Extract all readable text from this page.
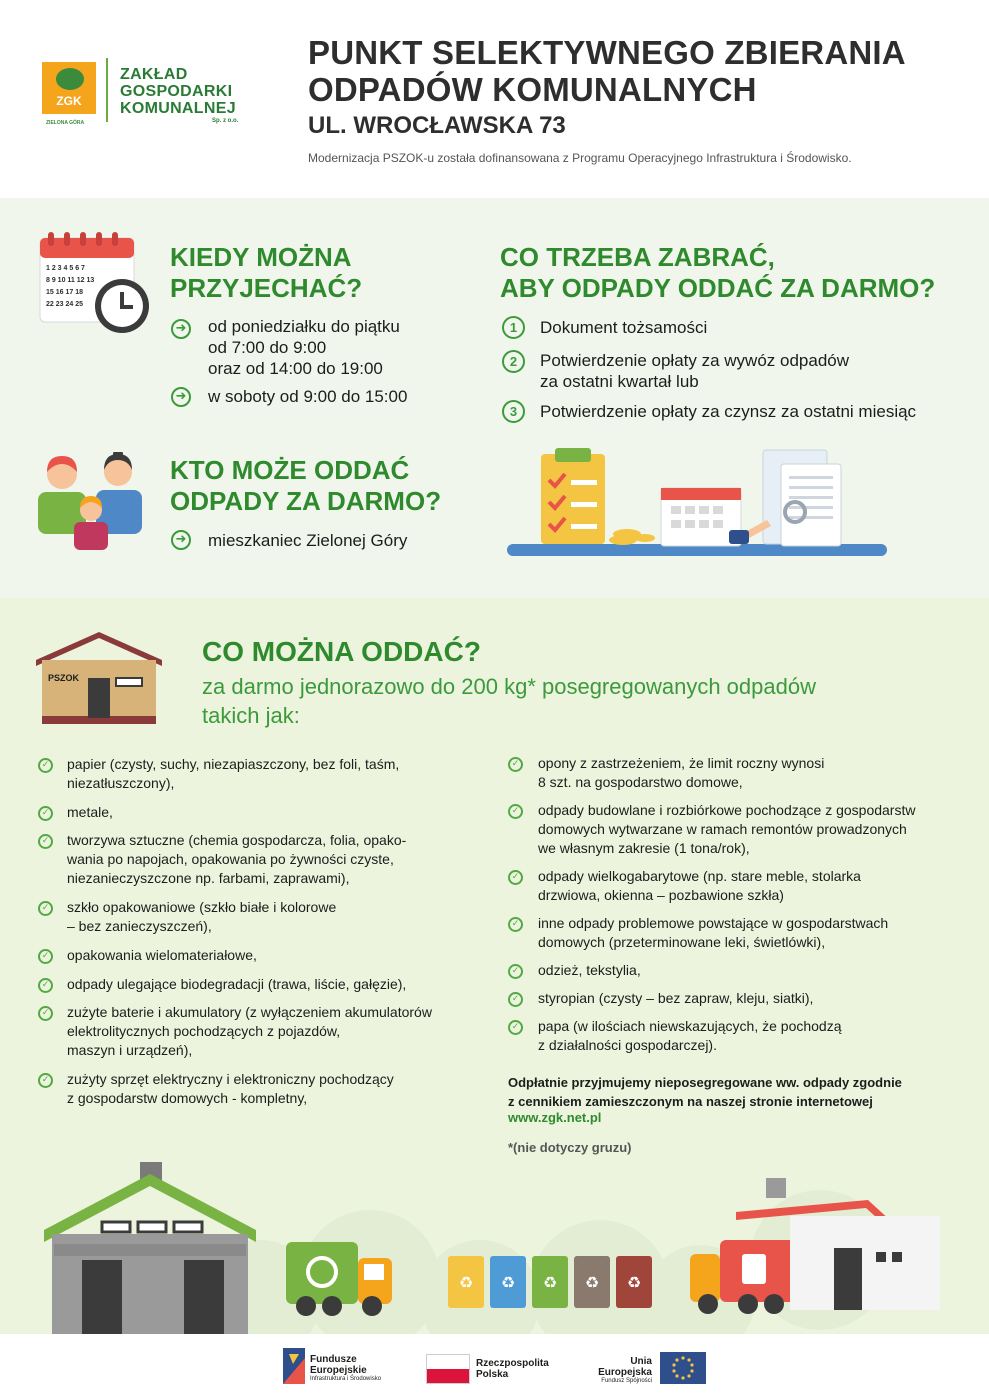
ZGK
ZIELONA GÓRA
ZAKŁAD
GOSPODARKI
KOMUNALNEJ
Sp. z o.o.
PUNKT SELEKTYWNEGO ZBIERANIA
ODPADÓW KOMUNALNYCH
UL. WROCŁAWSKA 73
Modernizacja PSZOK-u została dofinansowana z Programu Operacyjnego Infrastruktura i Środowisko.
1 2 3 4 5 6 7
8 9 10 11 12 13
15 16 17 18
22 23 24 25
KIEDY MOŻNA
PRZYJECHAĆ?
➜ od poniedziałku do piątku
od 7:00 do 9:00
oraz od 14:00 do 19:00
➜ w soboty od 9:00 do 15:00
CO TRZEBA ZABRAĆ,
ABY ODPADY ODDAĆ ZA DARMO?
1	Dokument tożsamości
2	Potwierdzenie opłaty za wywóz odpadów
za ostatni kwartał lub
3	Potwierdzenie opłaty za czynsz za ostatni miesiąc
KTO MOŻE ODDAĆ
ODPADY ZA DARMO?
➜ mieszkaniec Zielonej Góry
PSZOK
CO MOŻNA ODDAĆ?
za darmo jednorazowo do 200 kg* posegregowanych odpadów
takich jak:
✓ papier (czysty, suchy, niezapiaszczony, bez foli, taśm,
niezatłuszczony),
✓ metale,
✓ tworzywa sztuczne (chemia gospodarcza, folia, opako-
wania po napojach, opakowania po żywności czyste,
niezanieczyszczone np. farbami, zaprawami),
✓ szkło opakowaniowe (szkło białe i kolorowe
– bez zanieczyszczeń),
✓ opakowania wielomateriałowe,
✓ odpady ulegające biodegradacji (trawa, liście, gałęzie),
✓ zużyte baterie i akumulatory (z wyłączeniem akumulatorów
elektrolitycznych pochodzących z pojazdów,
maszyn i urządzeń),
✓ zużyty sprzęt elektryczny i elektroniczny pochodzący
z gospodarstw domowych - kompletny,
✓ opony z zastrzeżeniem, że limit roczny wynosi
8 szt. na gospodarstwo domowe,
✓ odpady budowlane i rozbiórkowe pochodzące z gospodarstw
domowych wytwarzane w ramach remontów prowadzonych
we własnym zakresie (1 tona/rok),
✓ odpady wielkogabarytowe (np. stare meble, stolarka
drzwiowa, okienna – pozbawione szkła)
✓ inne odpady problemowe powstające w gospodarstwach
domowych (przeterminowane leki, świetlówki),
✓ odzież, tekstylia,
✓ styropian (czysty – bez zapraw, kleju, siatki),
✓ papa (w ilościach niewskazujących, że pochodzą
z działalności gospodarczej).
Odpłatnie przyjmujemy nieposegregowane ww. odpady zgodnie
z cennikiem zamieszczonym na naszej stronie internetowej
www.zgk.net.pl
*(nie dotyczy gruzu)
♻ ♻ ♻ ♻ ♻
Fundusze
Europejskie
Infrastruktura i Środowisko
Rzeczpospolita
Polska
Unia Europejska
Fundusz Spójności
